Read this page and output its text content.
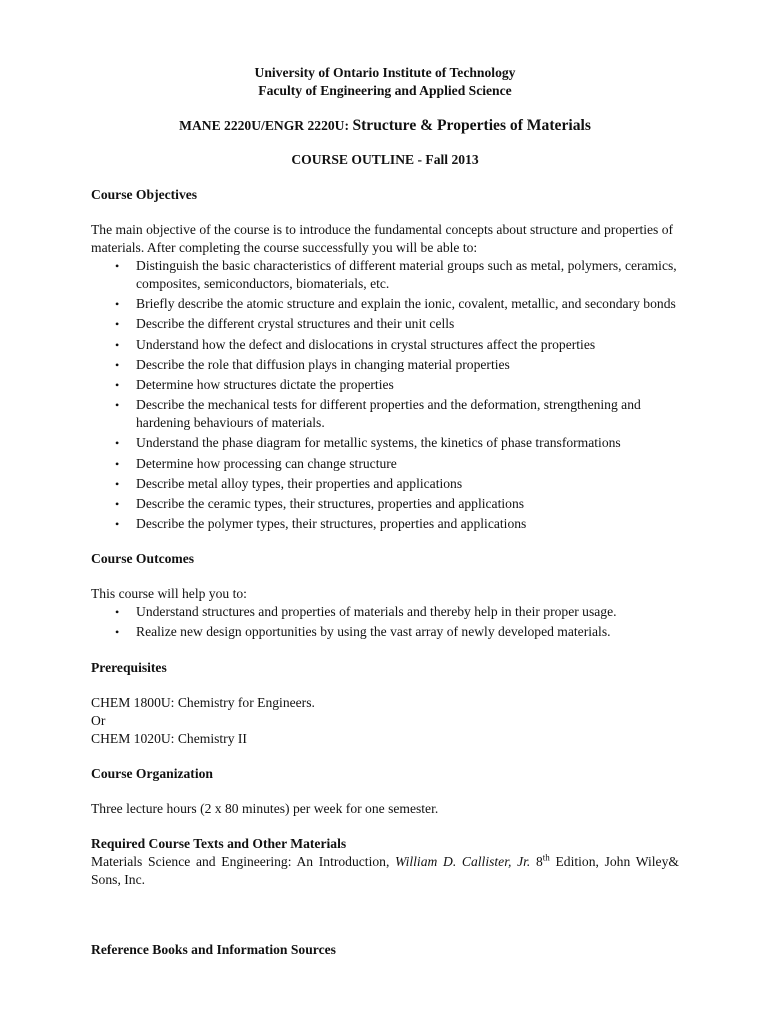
University of Ontario Institute of Technology

Faculty of Engineering and Applied Science

MANE 2220U/ENGR 2220U: Structure & Properties of Materials

COURSE OUTLINE - Fall 2013

Course Objectives

The main objective of the course is to introduce the fundamental concepts about structure and properties of materials. After completing the course successfully you will be able to:

• Distinguish the basic characteristics of different material groups such as metal, polymers, ceramics, composites, semiconductors, biomaterials, etc.
• Briefly describe the atomic structure and explain the ionic, covalent, metallic, and secondary bonds
• Describe the different crystal structures and their unit cells
• Understand how the defect and dislocations in crystal structures affect the properties
• Describe the role that diffusion plays in changing material properties
• Determine how structures dictate the properties
• Describe the mechanical tests for different properties and the deformation, strengthening and hardening behaviours of materials.
• Understand the phase diagram for metallic systems, the kinetics of phase transformations
• Determine how processing can change structure
• Describe metal alloy types, their properties and applications
• Describe the ceramic types, their structures, properties and applications
• Describe the polymer types, their structures, properties and applications
Course Outcomes

This course will help you to:

• Understand structures and properties of materials and thereby help in their proper usage.
• Realize new design opportunities by using the vast array of newly developed materials.
Prerequisites

CHEM 1800U: Chemistry for Engineers.

Or

CHEM 1020U: Chemistry II

Course Organization

Three lecture hours (2 x 80 minutes) per week for one semester.

Required Course Texts and Other Materials

Materials Science and Engineering: An Introduction, William D. Callister, Jr. 8th Edition, John Wiley& Sons, Inc.

Reference Books and Information Sources
